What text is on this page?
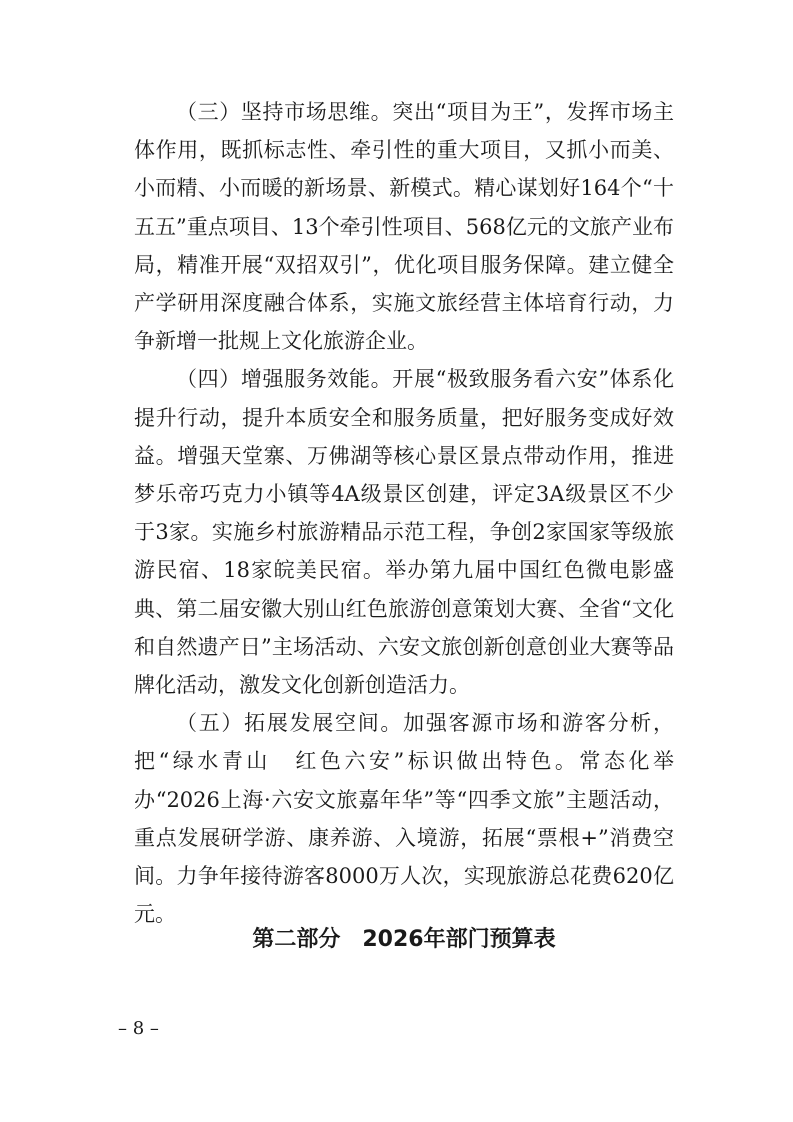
（三）坚持市场思维。突出“项目为王”，发挥市场主体作用，既抓标志性、牵引性的重大项目，又抓小而美、小而精、小而暖的新场景、新模式。精心谋划好164个“十五五”重点项目、13个牵引性项目、568亿元的文旅产业布局，精准开展“双招双引”，优化项目服务保障。建立健全产学研用深度融合体系，实施文旅经营主体培育行动，力争新增一批规上文化旅游企业。

（四）增强服务效能。开展“极致服务看六安”体系化提升行动，提升本质安全和服务质量，把好服务变成好效益。增强天堂寨、万佛湖等核心景区景点带动作用，推进梦乐帝巧克力小镇等4A级景区创建，评定3A级景区不少于3家。实施乡村旅游精品示范工程，争创2家国家等级旅游民宿、18家皖美民宿。举办第九届中国红色微电影盛典、第二届安徽大别山红色旅游创意策划大赛、全省“文化和自然遗产日”主场活动、六安文旅创新创意创业大赛等品牌化活动，激发文化创新创造活力。

（五）拓展发展空间。加强客源市场和游客分析，把“绿水青山　红色六安”标识做出特色。常态化举办“2026上海·六安文旅嘉年华”等“四季文旅”主题活动，重点发展研学游、康养游、入境游，拓展“票根+”消费空间。力争年接待游客8000万人次，实现旅游总花费620亿元。

第二部分　2026年部门预算表
– 8 –
